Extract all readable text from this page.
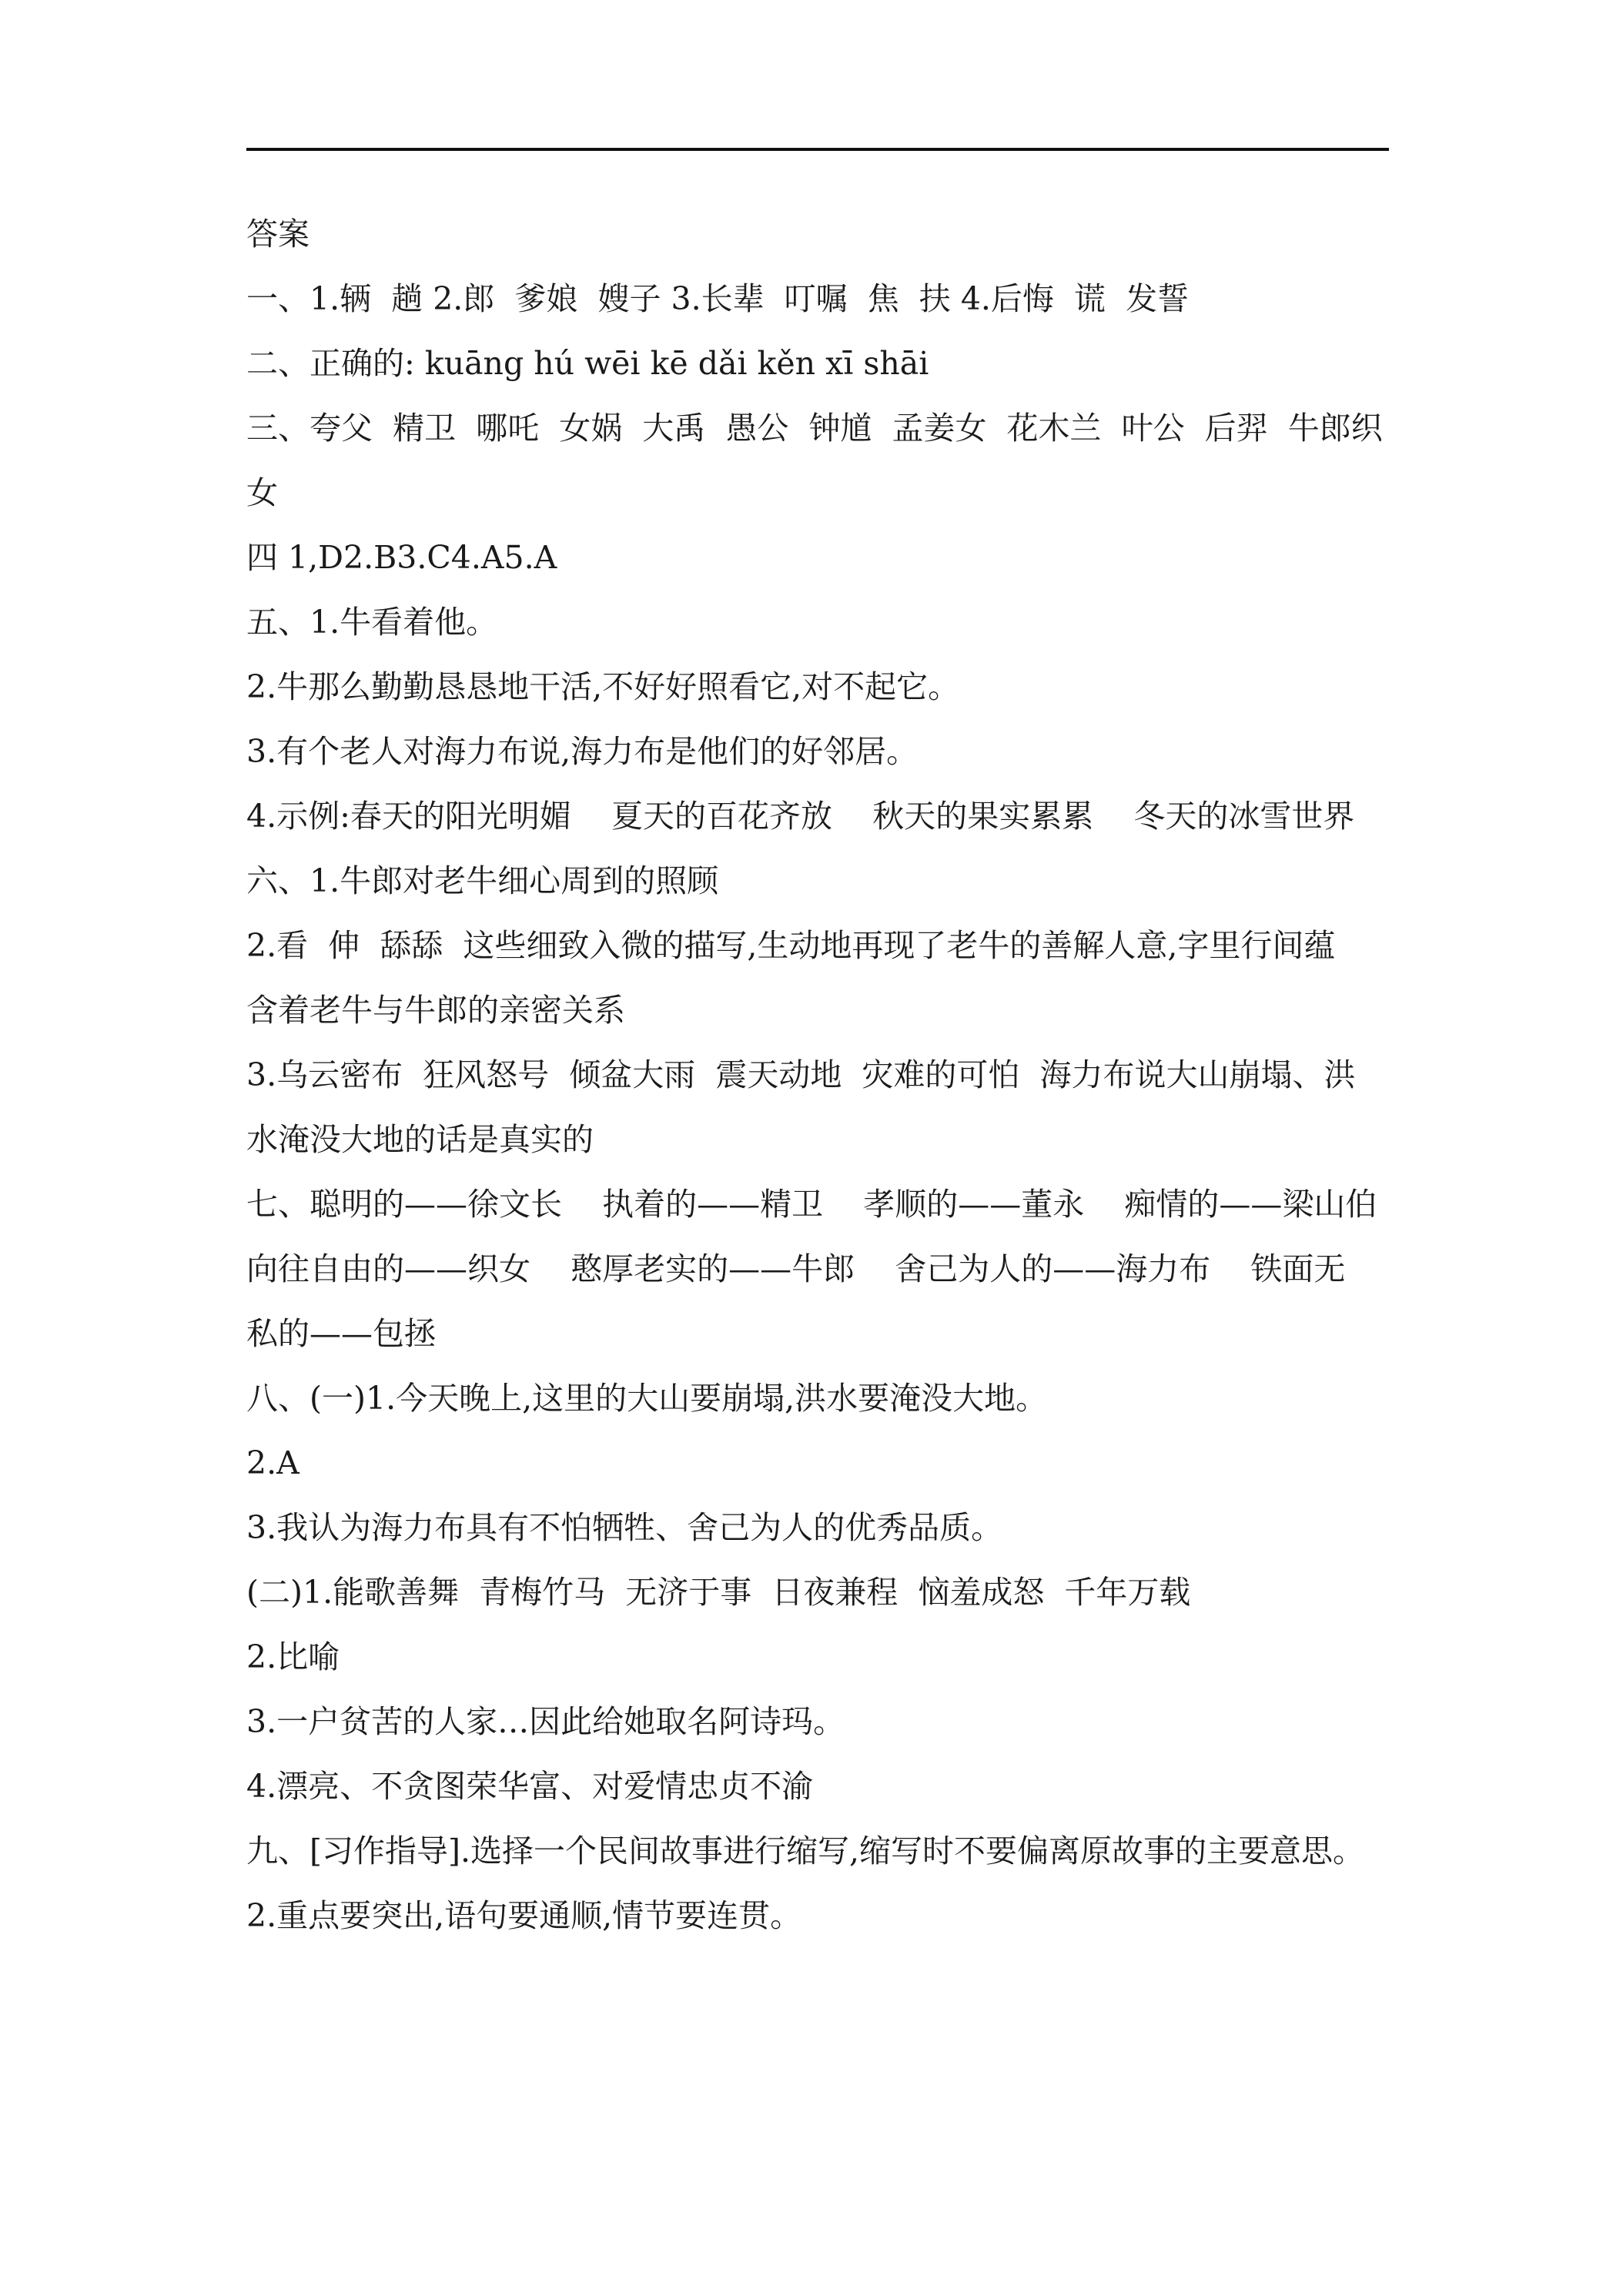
答案
一、1.辆  趟 2.郎  爹娘  嫂子 3.长辈  叮嘱  焦  扶 4.后悔  谎  发誓
二、正确的: kuāng hú wēi kē dǎi kěn xī shāi
三、夸父  精卫  哪吒  女娲  大禹  愚公  钟馗  孟姜女  花木兰  叶公  后羿  牛郎织
女
四 1,D2.B3.C4.A5.A
五、1.牛看着他。
2.牛那么勤勤恳恳地干活,不好好照看它,对不起它。
3.有个老人对海力布说,海力布是他们的好邻居。
4.示例:春天的阳光明媚    夏天的百花齐放    秋天的果实累累    冬天的冰雪世界
六、1.牛郎对老牛细心周到的照顾
2.看  伸  舔舔  这些细致入微的描写,生动地再现了老牛的善解人意,字里行间蕴
含着老牛与牛郎的亲密关系
3.乌云密布  狂风怒号  倾盆大雨  震天动地  灾难的可怕  海力布说大山崩塌、洪
水淹没大地的话是真实的
七、聪明的——徐文长    执着的——精卫    孝顺的——董永    痴情的——梁山伯
向往自由的——织女    憨厚老实的——牛郎    舍己为人的——海力布    铁面无
私的——包拯
八、(一)1.今天晚上,这里的大山要崩塌,洪水要淹没大地。
2.A
3.我认为海力布具有不怕牺牲、舍己为人的优秀品质。
(二)1.能歌善舞  青梅竹马  无济于事  日夜兼程  恼羞成怒  千年万载
2.比喻
3.一户贫苦的人家…因此给她取名阿诗玛。
4.漂亮、不贪图荣华富、对爱情忠贞不渝
九、[习作指导].选择一个民间故事进行缩写,缩写时不要偏离原故事的主要意思。
2.重点要突出,语句要通顺,情节要连贯。
